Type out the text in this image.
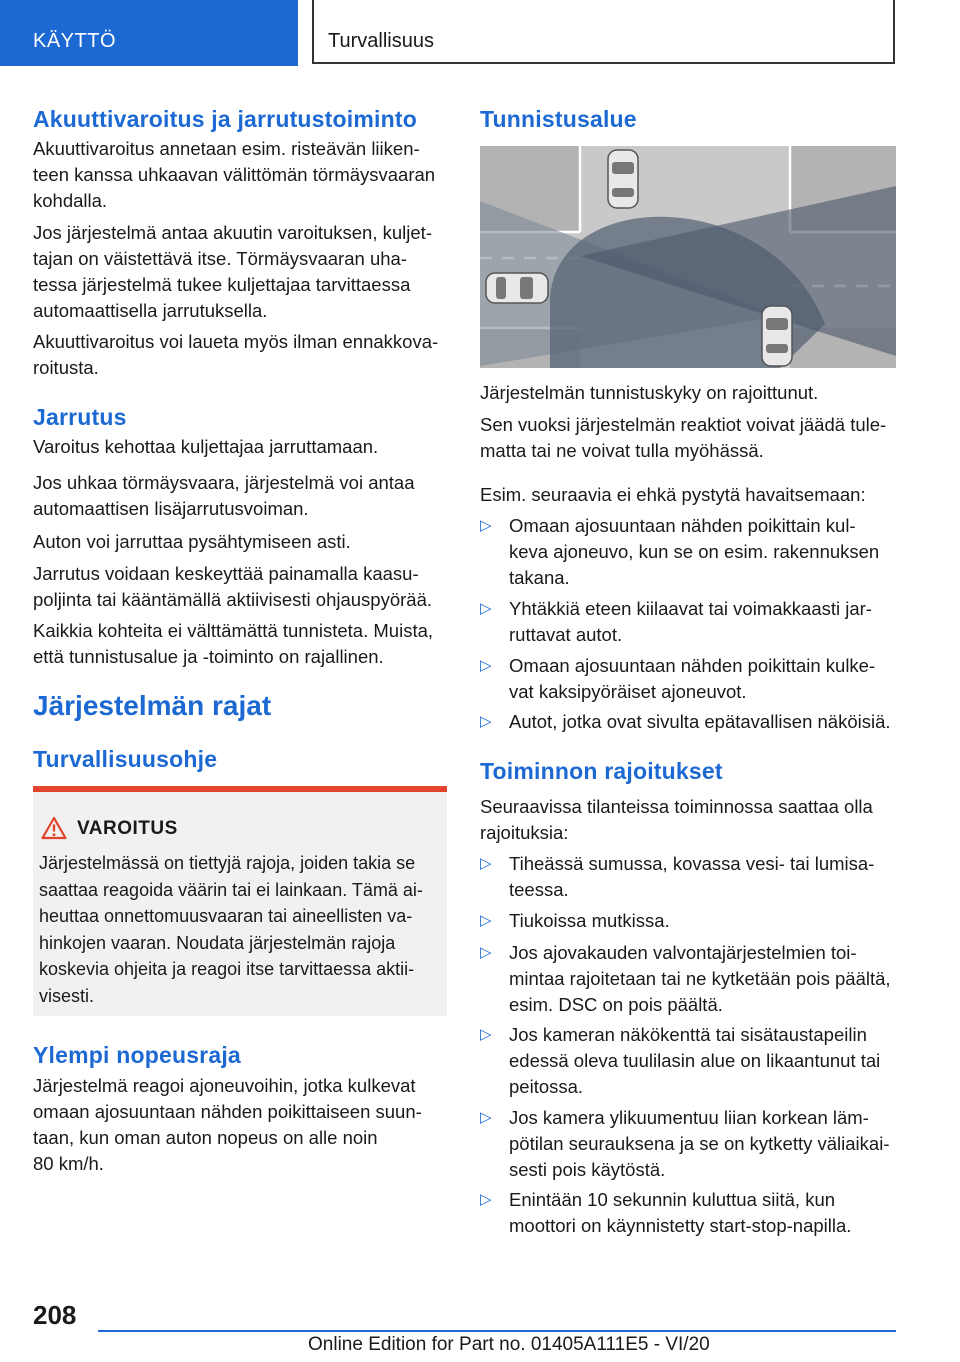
KÄYTTÖ	Turvallisuus
Akuuttivaroitus ja jarrutustoiminto

Akuuttivaroitus annetaan esim. risteävän liiken-
teen kanssa uhkaavan välittömän törmäysvaaran
kohdalla.

Jos järjestelmä antaa akuutin varoituksen, kuljet-
tajan on väistettävä itse. Törmäysvaaran uha-
tessa järjestelmä tukee kuljettajaa tarvittaessa
automaattisella jarrutuksella.

Akuuttivaroitus voi laueta myös ilman ennakkova-
roitusta.

Jarrutus

Varoitus kehottaa kuljettajaa jarruttamaan.

Jos uhkaa törmäysvaara, järjestelmä voi antaa
automaattisen lisäjarrutusvoiman.

Auton voi jarruttaa pysähtymiseen asti.

Jarrutus voidaan keskeyttää painamalla kaasu-
poljinta tai kääntämällä aktiivisesti ohjauspyörää.

Kaikkia kohteita ei välttämättä tunnisteta. Muista,
että tunnistusalue ja -toiminto on rajallinen.

Järjestelmän rajat
Turvallisuusohje
VAROITUS
Järjestelmässä on tiettyjä rajoja, joiden takia se
saattaa reagoida väärin tai ei lainkaan. Tämä ai-
heuttaa onnettomuusvaaran tai aineellisten va-
hinkojen vaaran. Noudata järjestelmän rajoja
koskevia ohjeita ja reagoi itse tarvittaessa aktii-
visesti.
Ylempi nopeusraja

Järjestelmä reagoi ajoneuvoihin, jotka kulkevat
omaan ajosuuntaan nähden poikittaiseen suun-
taan, kun oman auton nopeus on alle noin
80 km/h.

Tunnistusalue

Järjestelmän tunnistuskyky on rajoittunut.

Sen vuoksi järjestelmän reaktiot voivat jäädä tule-
matta tai ne voivat tulla myöhässä.

Esim. seuraavia ei ehkä pystytä havaitsemaan:

▷ Omaan ajosuuntaan nähden poikittain kul-
keva ajoneuvo, kun se on esim. rakennuksen
takana.
▷ Yhtäkkiä eteen kiilaavat tai voimakkaasti jar-
ruttavat autot.
▷ Omaan ajosuuntaan nähden poikittain kulke-
vat kaksipyöräiset ajoneuvot.
▷ Autot, jotka ovat sivulta epätavallisen näköisiä.
Toiminnon rajoitukset

Seuraavissa tilanteissa toiminnossa saattaa olla
rajoituksia:

▷ Tiheässä sumussa, kovassa vesi- tai lumisa-
teessa.
▷ Tiukoissa mutkissa.
▷ Jos ajovakauden valvontajärjestelmien toi-
mintaa rajoitetaan tai ne kytketään pois päältä,
esim. DSC on pois päältä.
▷ Jos kameran näkökenttä tai sisätaustapeilin
edessä oleva tuulilasin alue on likaantunut tai
peitossa.
▷ Jos kamera ylikuumentuu liian korkean läm-
pötilan seurauksena ja se on kytketty väliaikai-
sesti pois käytöstä.
▷ Enintään 10 sekunnin kuluttua siitä, kun
moottori on käynnistetty start-stop-napilla.
208
Online Edition for Part no. 01405A111E5 - VI/20
